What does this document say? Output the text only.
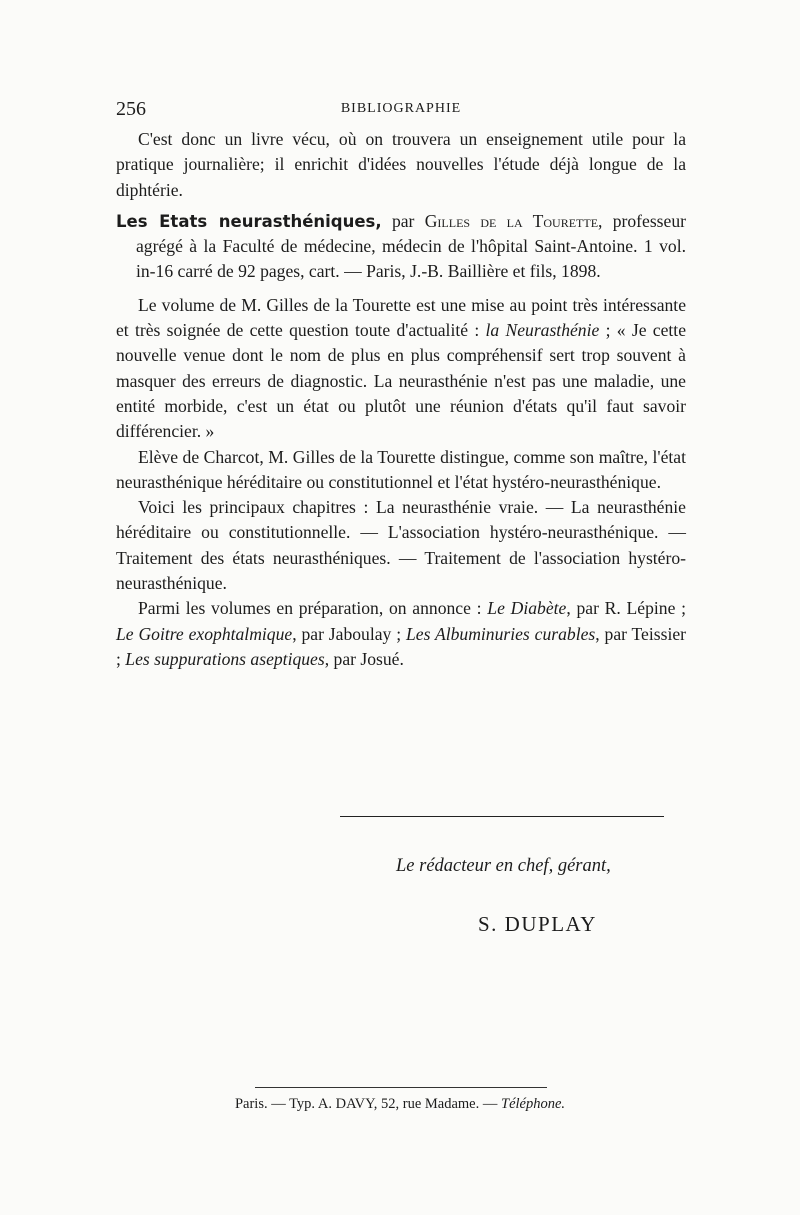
256	BIBLIOGRAPHIE

C'est donc un livre vécu, où on trouvera un enseignement utile pour la pratique journalière; il enrichit d'idées nouvelles l'étude déjà longue de la diphtérie.

Les Etats neurasthéniques, par Gilles de la Tourette, professeur agrégé à la Faculté de médecine, médecin de l'hôpital Saint-Antoine. 1 vol. in-16 carré de 92 pages, cart. — Paris, J.-B. Baillière et fils, 1898.

Le volume de M. Gilles de la Tourette est une mise au point très intéressante et très soignée de cette question toute d'actualité : la Neurasthénie ; « Je cette nouvelle venue dont le nom de plus en plus compréhensif sert trop souvent à masquer des erreurs de diagnostic. La neurasthénie n'est pas une maladie, une entité morbide, c'est un état ou plutôt une réunion d'états qu'il faut savoir différencier. »

Elève de Charcot, M. Gilles de la Tourette distingue, comme son maître, l'état neurasthénique héréditaire ou constitutionnel et l'état hystéro-neurasthénique.

Voici les principaux chapitres : La neurasthénie vraie. — La neurasthénie héréditaire ou constitutionnelle. — L'association hystéro-neurasthénique. — Traitement des états neurasthéniques. — Traitement de l'association hystéro-neurasthénique.

Parmi les volumes en préparation, on annonce : Le Diabète, par R. Lépine ; Le Goitre exophtalmique, par Jaboulay ; Les Albuminuries curables, par Teissier ; Les suppurations aseptiques, par Josué.

Le rédacteur en chef, gérant,
S. DUPLAY
Paris. — Typ. A. DAVY, 52, rue Madame. — Téléphone.
